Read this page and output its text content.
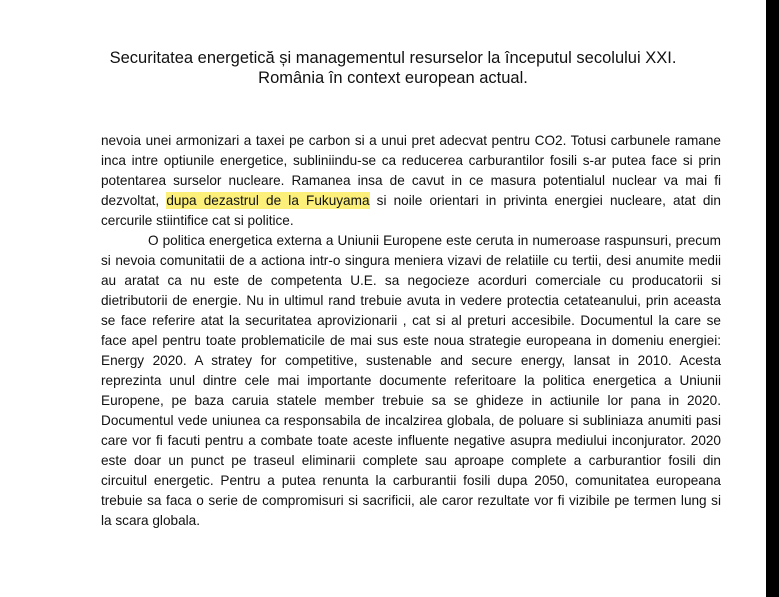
Securitatea energetică și managementul resurselor la începutul secolului XXI.
România în context european actual.

nevoia unei armonizari a taxei pe carbon si a unui pret adecvat pentru CO2. Totusi carbunele ramane inca intre optiunile energetice, subliniindu-se ca reducerea carburantilor fosili s-ar putea face si prin potentarea surselor nucleare. Ramanea insa de cavut in ce masura potentialul nuclear va mai fi dezvoltat, dupa dezastrul de la Fukuyama si noile orientari in privinta energiei nucleare, atat din cercurile stiintifice cat si politice.

O politica energetica externa a Uniunii Europene este ceruta in numeroase raspunsuri, precum si nevoia comunitatii de a actiona intr-o singura meniera vizavi de relatiile cu tertii, desi anumite medii au aratat ca nu este de competenta U.E. sa negocieze acorduri comerciale cu producatorii si dietributorii de energie. Nu in ultimul rand trebuie avuta in vedere protectia cetateanului, prin aceasta se face referire atat la securitatea aprovizionarii , cat si al preturi accesibile. Documentul la care se face apel pentru toate problematicile de mai sus este noua strategie europeana in domeniu energiei: Energy 2020. A stratey for competitive, sustenable and secure energy, lansat in 2010. Acesta reprezinta unul dintre cele mai importante documente referitoare la politica energetica a Uniunii Europene, pe baza caruia statele member trebuie sa se ghideze in actiunile lor pana in 2020. Documentul vede uniunea ca responsabila de incalzirea globala, de poluare si subliniaza anumiti pasi care vor fi facuti pentru a combate toate aceste influente negative asupra mediului inconjurator. 2020 este doar un punct pe traseul eliminarii complete sau aproape complete a carburantior fosili din circuitul energetic. Pentru a putea renunta la carburantii fosili dupa 2050, comunitatea europeana trebuie sa faca o serie de compromisuri si sacrificii, ale caror rezultate vor fi vizibile pe termen lung si la scara globala.
